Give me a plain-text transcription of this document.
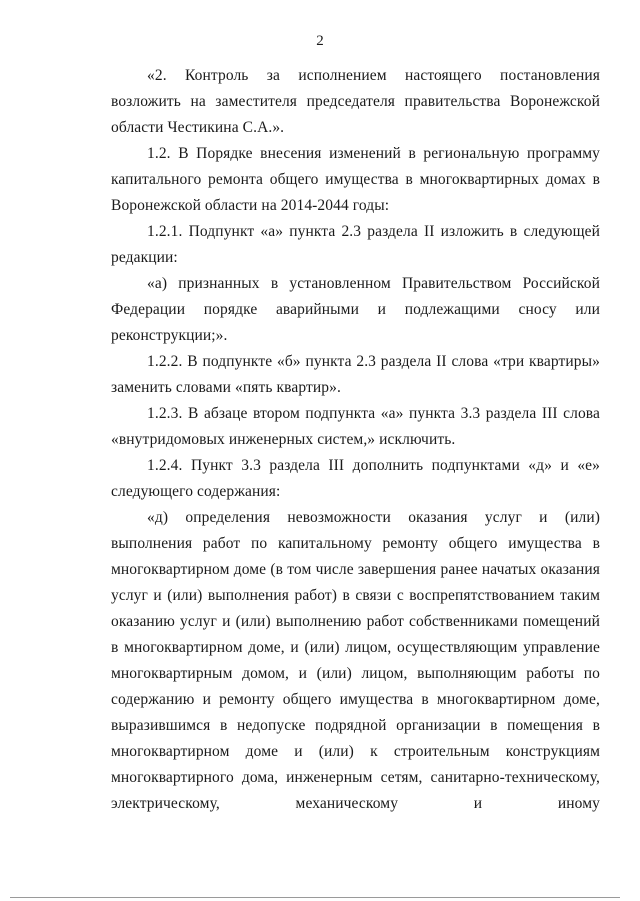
2

«2. Контроль за исполнением настоящего постановления возложить на заместителя председателя правительства Воронежской области Честикина С.А.».

1.2. В Порядке внесения изменений в региональную программу капитального ремонта общего имущества в многоквартирных домах в Воронежской области на 2014-2044 годы:

1.2.1. Подпункт «а» пункта 2.3 раздела II изложить в следующей редакции:

«а) признанных в установленном Правительством Российской Федерации порядке аварийными и подлежащими сносу или реконструкции;».

1.2.2. В подпункте «б» пункта 2.3 раздела II слова «три квартиры» заменить словами «пять квартир».

1.2.3. В абзаце втором подпункта «а» пункта 3.3 раздела III слова «внутридомовых инженерных систем,» исключить.

1.2.4. Пункт 3.3 раздела III дополнить подпунктами «д» и «е» следующего содержания:

«д) определения невозможности оказания услуг и (или) выполнения работ по капитальному ремонту общего имущества в многоквартирном доме (в том числе завершения ранее начатых оказания услуг и (или) выполнения работ) в связи с воспрепятствованием таким оказанию услуг и (или) выполнению работ собственниками помещений в многоквартирном доме, и (или) лицом, осуществляющим управление многоквартирным домом, и (или) лицом, выполняющим работы по содержанию и ремонту общего имущества в многоквартирном доме, выразившимся в недопуске подрядной организации в помещения в многоквартирном доме и (или) к строительным конструкциям многоквартирного дома, инженерным сетям, санитарно-техническому, электрическому, механическому и иному
